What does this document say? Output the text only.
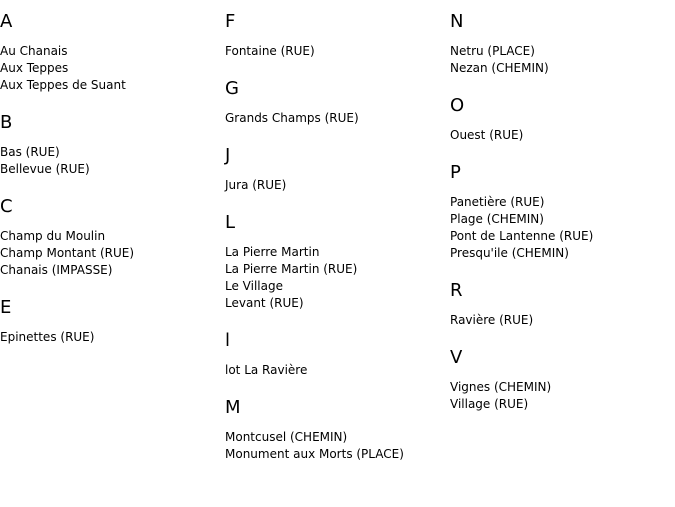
A
Au Chanais
Aux Teppes
Aux Teppes de Suant
B
Bas (RUE)
Bellevue (RUE)
C
Champ du Moulin
Champ Montant (RUE)
Chanais (IMPASSE)
E
Epinettes (RUE)
F
Fontaine (RUE)
G
Grands Champs (RUE)
J
Jura (RUE)
L
La Pierre Martin
La Pierre Martin (RUE)
Le Village
Levant (RUE)
l
lot La Ravière
M
Montcusel (CHEMIN)
Monument aux Morts (PLACE)
N
Netru (PLACE)
Nezan (CHEMIN)
O
Ouest (RUE)
P
Panetière (RUE)
Plage (CHEMIN)
Pont de Lantenne (RUE)
Presqu'ile (CHEMIN)
R
Ravière (RUE)
V
Vignes (CHEMIN)
Village (RUE)
